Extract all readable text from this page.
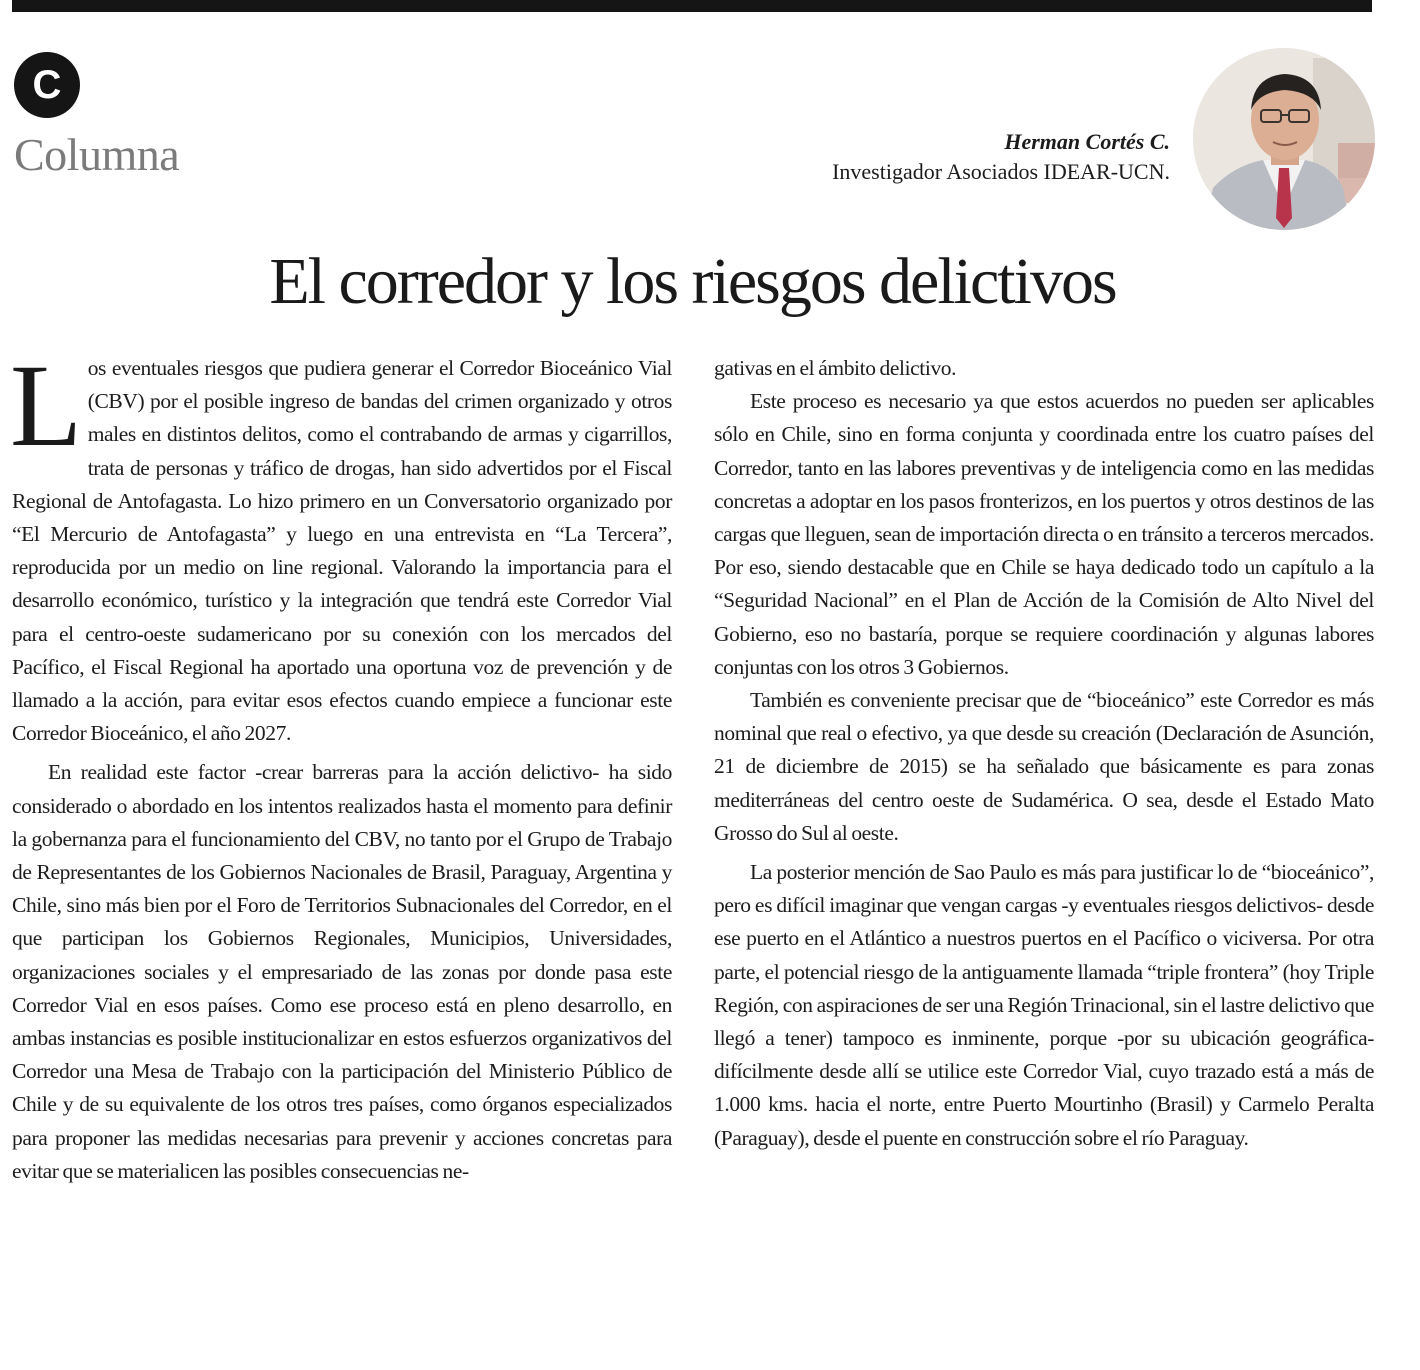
C
Columna	Herman Cortés C.
Investigador Asociados IDEAR-UCN.
El corredor y los riesgos delictivos

Los eventuales riesgos que pudiera generar el Corredor Bioceánico Vial (CBV) por el posible ingreso de bandas del crimen organizado y otros males en distintos delitos, como el contrabando de armas y cigarrillos, trata de personas y tráfico de drogas, han sido advertidos por el Fiscal Regional de Antofagasta. Lo hizo primero en un Conversatorio organizado por “El Mercurio de Antofagasta” y luego en una entrevista en “La Tercera”, reproducida por un medio on line regional. Valorando la importancia para el desarrollo económico, turístico y la integración que tendrá este Corredor Vial para el centro-oeste sudamericano por su conexión con los mercados del Pacífico, el Fiscal Regional ha aportado una oportuna voz de prevención y de llamado a la acción, para evitar esos efectos cuando empiece a funcionar este Corredor Bioceánico, el año 2027.

En realidad este factor -crear barreras para la acción delictivo- ha sido considerado o abordado en los intentos realizados hasta el momento para definir la gobernanza para el funcionamiento del CBV, no tanto por el Grupo de Trabajo de Representantes de los Gobiernos Nacionales de Brasil, Paraguay, Argentina y Chile, sino más bien por el Foro de Territorios Subnacionales del Corredor, en el que participan los Gobiernos Regionales, Municipios, Universidades, organizaciones sociales y el empresariado de las zonas por donde pasa este Corredor Vial en esos países. Como ese proceso está en pleno desarrollo, en ambas instancias es posible institucionalizar en estos esfuerzos organizativos del Corredor una Mesa de Trabajo con la participación del Ministerio Público de Chile y de su equivalente de los otros tres países, como órganos especializados para proponer las medidas necesarias para prevenir y acciones concretas para evitar que se materialicen las posibles consecuencias ne-

gativas en el ámbito delictivo.

Este proceso es necesario ya que estos acuerdos no pueden ser aplicables sólo en Chile, sino en forma conjunta y coordinada entre los cuatro países del Corredor, tanto en las labores preventivas y de inteligencia como en las medidas concretas a adoptar en los pasos fronterizos, en los puertos y otros destinos de las cargas que lleguen, sean de importación directa o en tránsito a terceros mercados. Por eso, siendo destacable que en Chile se haya dedicado todo un capítulo a la “Seguridad Nacional” en el Plan de Acción de la Comisión de Alto Nivel del Gobierno, eso no bastaría, porque se requiere coordinación y algunas labores conjuntas con los otros 3 Gobiernos.

También es conveniente precisar que de “bioceánico” este Corredor es más nominal que real o efectivo, ya que desde su creación (Declaración de Asunción, 21 de diciembre de 2015) se ha señalado que básicamente es para zonas mediterráneas del centro oeste de Sudamérica. O sea, desde el Estado Mato Grosso do Sul al oeste.

La posterior mención de Sao Paulo es más para justificar lo de “bioceánico”, pero es difícil imaginar que vengan cargas -y eventuales riesgos delictivos- desde ese puerto en el Atlántico a nuestros puertos en el Pacífico o viciversa. Por otra parte, el potencial riesgo de la antiguamente llamada “triple frontera” (hoy Triple Región, con aspiraciones de ser una Región Trinacional, sin el lastre delictivo que llegó a tener) tampoco es inminente, porque -por su ubicación geográfica- difícilmente desde allí se utilice este Corredor Vial, cuyo trazado está a más de 1.000 kms. hacia el norte, entre Puerto Mourtinho (Brasil) y Carmelo Peralta (Paraguay), desde el puente en construcción sobre el río Paraguay.
